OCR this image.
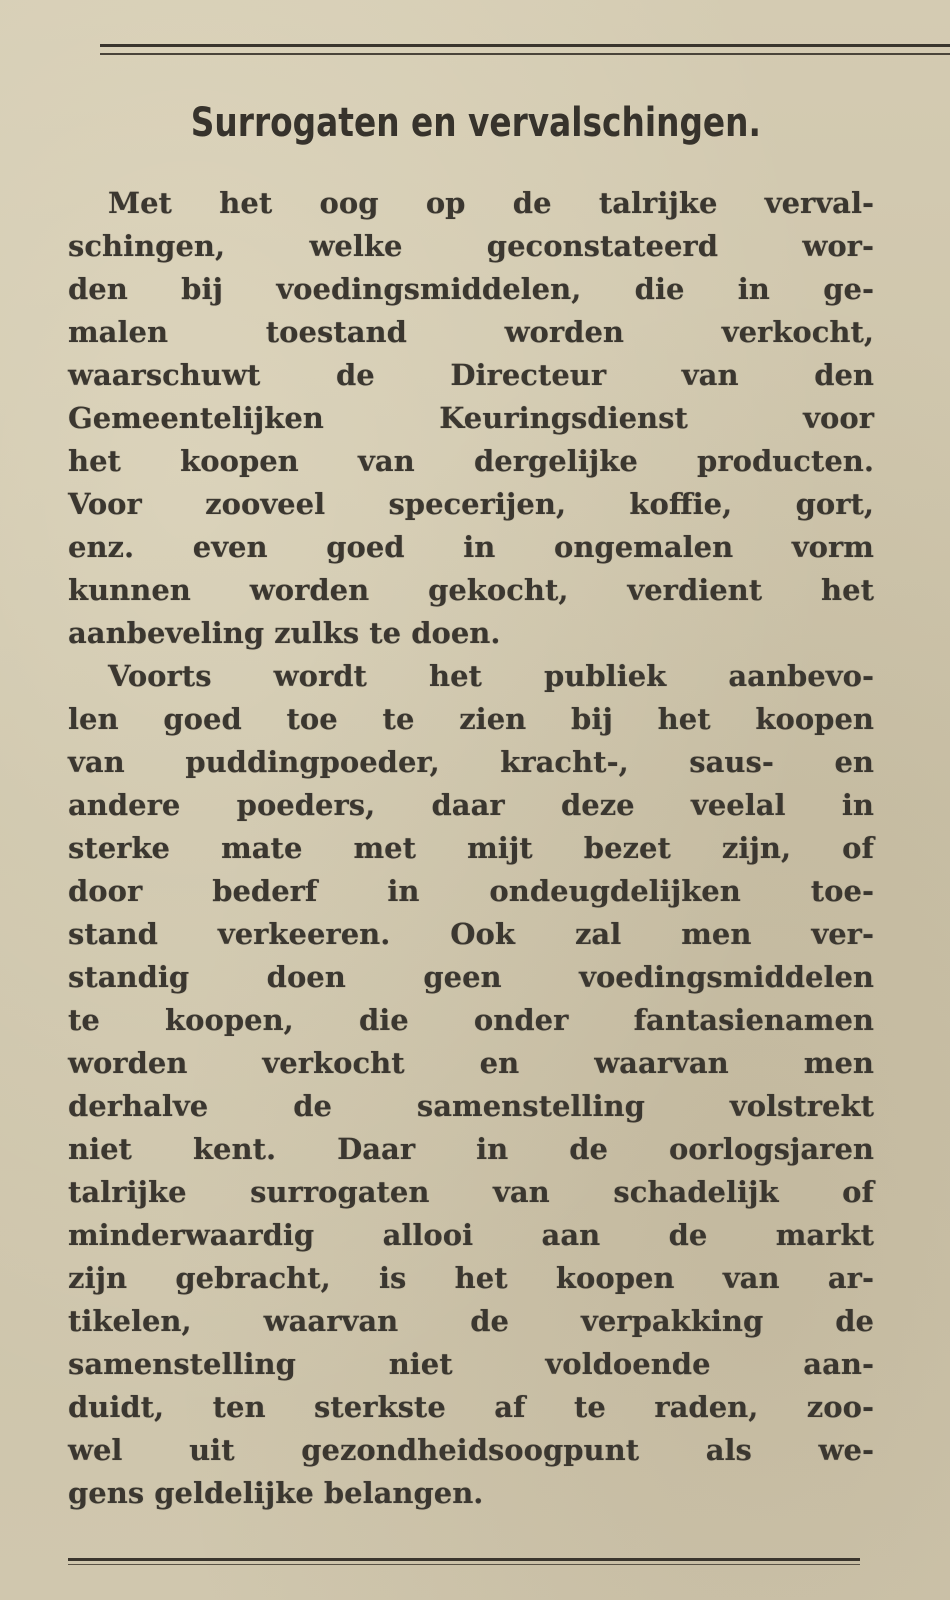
Surrogaten en vervalschingen.
Met het oog op de talrijke verval-
schingen, welke geconstateerd wor-
den bij voedingsmiddelen, die in ge-
malen toestand worden verkocht,
waarschuwt de Directeur van den
Gemeentelijken Keuringsdienst voor
het koopen van dergelijke producten.
Voor zooveel specerijen, koffie, gort,
enz. even goed in ongemalen vorm
kunnen worden gekocht, verdient het
aanbeveling zulks te doen.
Voorts wordt het publiek aanbevo-
len goed toe te zien bij het koopen
van puddingpoeder, kracht-, saus- en
andere poeders, daar deze veelal in
sterke mate met mijt bezet zijn, of
door bederf in ondeugdelijken toe-
stand verkeeren. Ook zal men ver-
standig doen geen voedingsmiddelen
te koopen, die onder fantasienamen
worden verkocht en waarvan men
derhalve de samenstelling volstrekt
niet kent. Daar in de oorlogsjaren
talrijke surrogaten van schadelijk of
minderwaardig allooi aan de markt
zijn gebracht, is het koopen van ar-
tikelen, waarvan de verpakking de
samenstelling niet voldoende aan-
duidt, ten sterkste af te raden, zoo-
wel uit gezondheidsoogpunt als we-
gens geldelijke belangen.
